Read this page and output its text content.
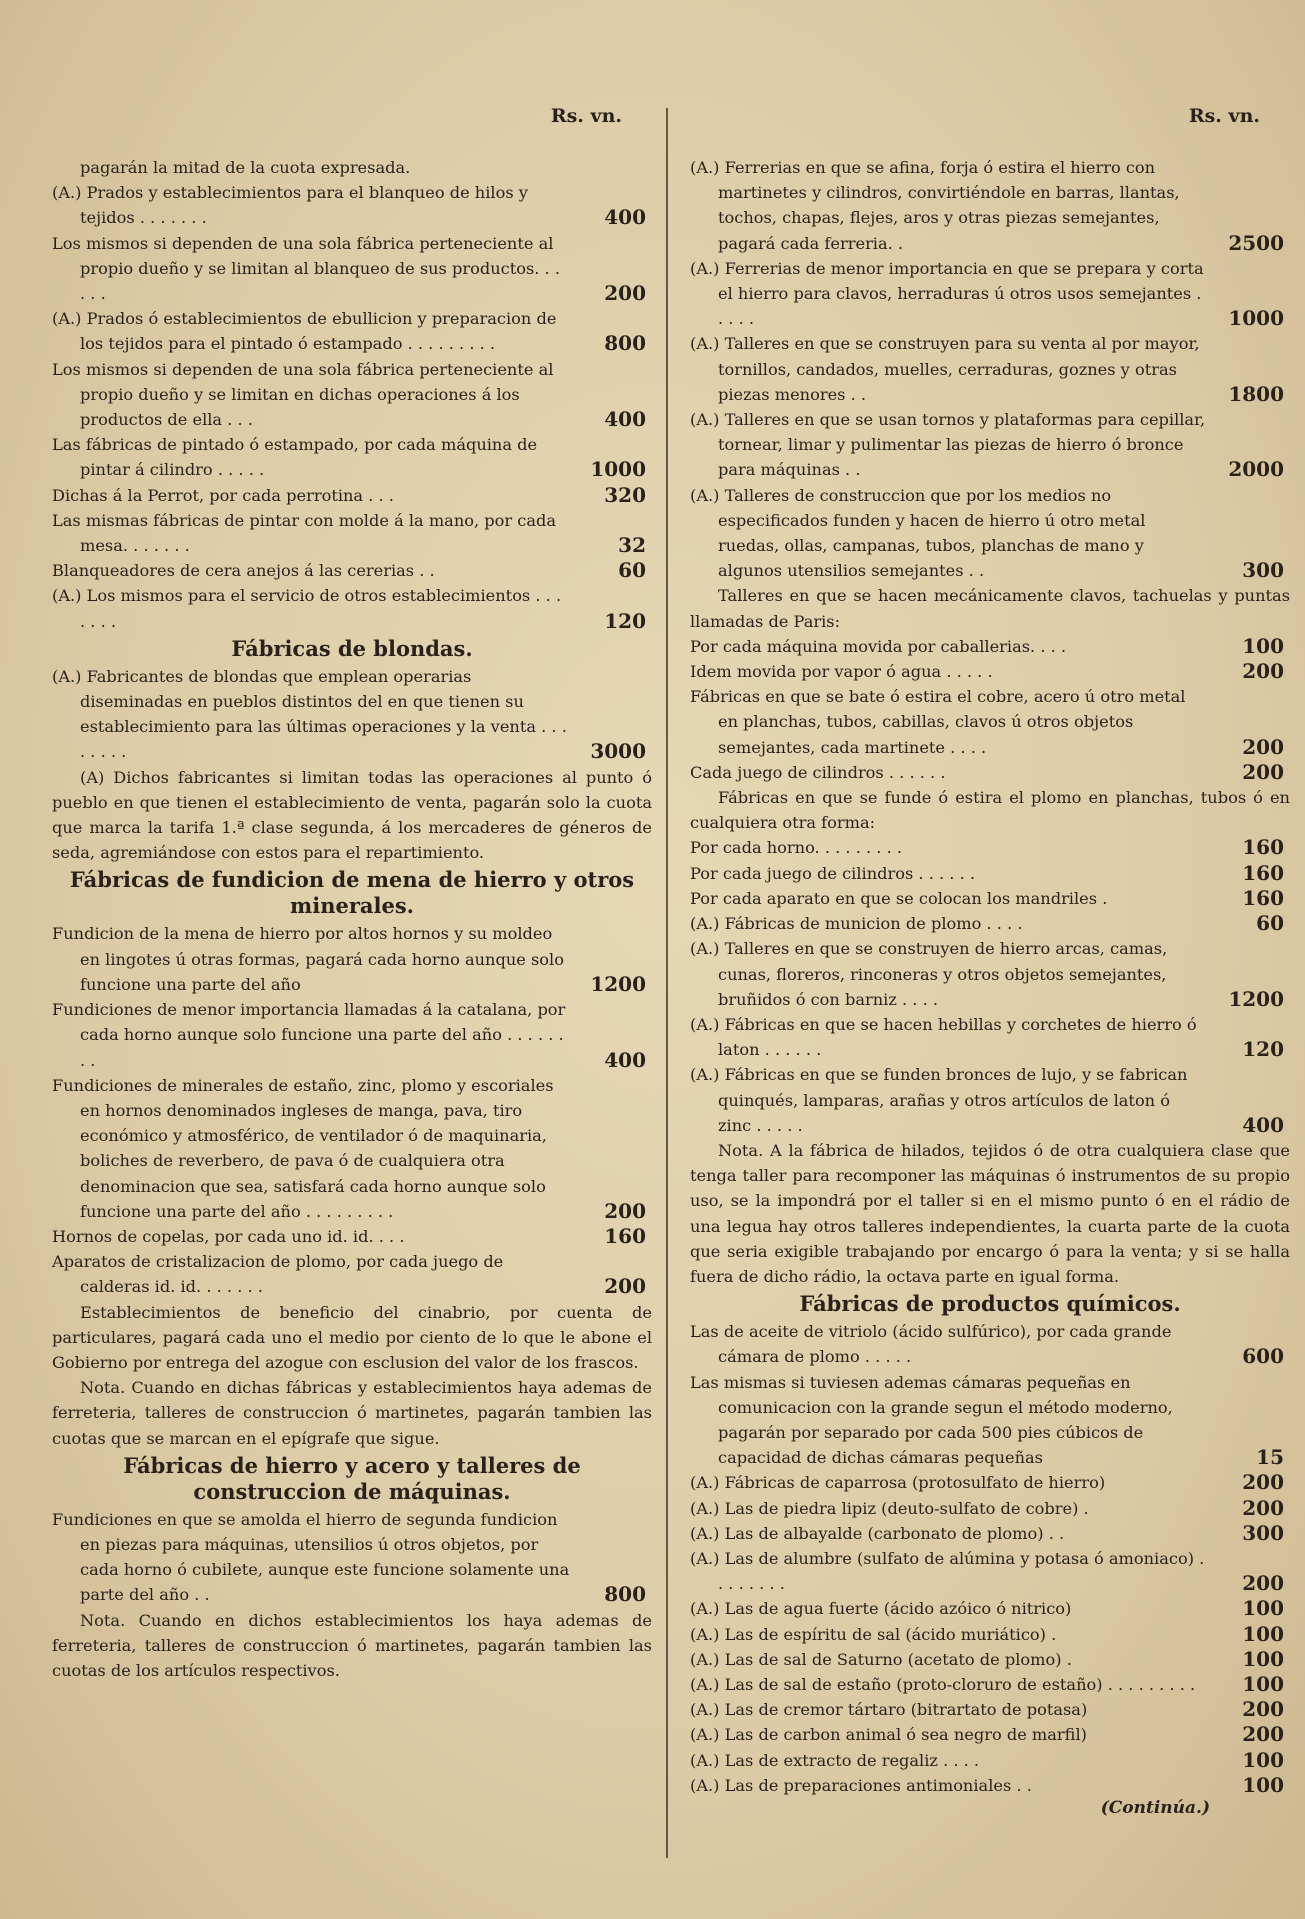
Rs. vn.
pagarán la mitad de la cuota expresada.
(A.) Prados y establecimientos para el blanqueo de hilos y tejidos . . . . . . .	400
Los mismos si dependen de una sola fábrica perteneciente al propio dueño y se limitan al blanqueo de sus productos. . . . . .	200
(A.) Prados ó establecimientos de ebullicion y preparacion de los tejidos para el pintado ó estampado . . . . . . . . .	800
Los mismos si dependen de una sola fábrica perteneciente al propio dueño y se limitan en dichas operaciones á los productos de ella . . .	400
Las fábricas de pintado ó estampado, por cada máquina de pintar á cilindro . . . . .	1000
Dichas á la Perrot, por cada perrotina . . .	320
Las mismas fábricas de pintar con molde á la mano, por cada mesa. . . . . . .	32
Blanqueadores de cera anejos á las cererias . .	60
(A.) Los mismos para el servicio de otros establecimientos . . . . . . .	120
Fábricas de blondas.
(A.) Fabricantes de blondas que emplean operarias diseminadas en pueblos distintos del en que tienen su establecimiento para las últimas operaciones y la venta . . . . . . . .	3000
(A) Dichos fabricantes si limitan todas las operaciones al punto ó pueblo en que tienen el establecimiento de venta, pagarán solo la cuota que marca la tarifa 1.ª clase segunda, á los mercaderes de géneros de seda, agremiándose con estos para el repartimiento.
Fábricas de fundicion de mena de hierro y otros minerales.
Fundicion de la mena de hierro por altos hornos y su moldeo en lingotes ú otras formas, pagará cada horno aunque solo funcione una parte del año	1200
Fundiciones de menor importancia llamadas á la catalana, por cada horno aunque solo funcione una parte del año . . . . . . . .	400
Fundiciones de minerales de estaño, zinc, plomo y escoriales en hornos denominados ingleses de manga, pava, tiro económico y atmosférico, de ventilador ó de maquinaria, boliches de reverbero, de pava ó de cualquiera otra denominacion que sea, satisfará cada horno aunque solo funcione una parte del año . . . . . . . . .	200
Hornos de copelas, por cada uno id. id. . . .	160
Aparatos de cristalizacion de plomo, por cada juego de calderas id. id. . . . . . .	200
Establecimientos de beneficio del cinabrio, por cuenta de particulares, pagará cada uno el medio por ciento de lo que le abone el Gobierno por entrega del azogue con esclusion del valor de los frascos.
Nota. Cuando en dichas fábricas y establecimientos haya ademas de ferreteria, talleres de construccion ó martinetes, pagarán tambien las cuotas que se marcan en el epígrafe que sigue.
Fábricas de hierro y acero y talleres de construccion de máquinas.
Fundiciones en que se amolda el hierro de segunda fundicion en piezas para máquinas, utensilios ú otros objetos, por cada horno ó cubilete, aunque este funcione solamente una parte del año . .	800
Nota. Cuando en dichos establecimientos los haya ademas de ferreteria, talleres de construccion ó martinetes, pagarán tambien las cuotas de los artículos respectivos.
Rs. vn.
(A.) Ferrerias en que se afina, forja ó estira el hierro con martinetes y cilindros, convirtiéndole en barras, llantas, tochos, chapas, flejes, aros y otras piezas semejantes, pagará cada ferreria. .	2500
(A.) Ferrerias de menor importancia en que se prepara y corta el hierro para clavos, herraduras ú otros usos semejantes . . . . .	1000
(A.) Talleres en que se construyen para su venta al por mayor, tornillos, candados, muelles, cerraduras, goznes y otras piezas menores . .	1800
(A.) Talleres en que se usan tornos y plataformas para cepillar, tornear, limar y pulimentar las piezas de hierro ó bronce para máquinas . .	2000
(A.) Talleres de construccion que por los medios no especificados funden y hacen de hierro ú otro metal ruedas, ollas, campanas, tubos, planchas de mano y algunos utensilios semejantes . .	300
Talleres en que se hacen mecánicamente clavos, tachuelas y puntas llamadas de Paris:
Por cada máquina movida por caballerias. . . .	100
Idem movida por vapor ó agua . . . . .	200
Fábricas en que se bate ó estira el cobre, acero ú otro metal en planchas, tubos, cabillas, clavos ú otros objetos semejantes, cada martinete . . . .	200
Cada juego de cilindros . . . . . .	200
Fábricas en que se funde ó estira el plomo en planchas, tubos ó en cualquiera otra forma:
Por cada horno. . . . . . . . .	160
Por cada juego de cilindros . . . . . .	160
Por cada aparato en que se colocan los mandriles .	160
(A.) Fábricas de municion de plomo . . . .	60
(A.) Talleres en que se construyen de hierro arcas, camas, cunas, floreros, rinconeras y otros objetos semejantes, bruñidos ó con barniz . . . .	1200
(A.) Fábricas en que se hacen hebillas y corchetes de hierro ó laton . . . . . .	120
(A.) Fábricas en que se funden bronces de lujo, y se fabrican quinqués, lamparas, arañas y otros artículos de laton ó zinc . . . . .	400
Nota. A la fábrica de hilados, tejidos ó de otra cualquiera clase que tenga taller para recomponer las máquinas ó instrumentos de su propio uso, se la impondrá por el taller si en el mismo punto ó en el rádio de una legua hay otros talleres independientes, la cuarta parte de la cuota que seria exigible trabajando por encargo ó para la venta; y si se halla fuera de dicho rádio, la octava parte en igual forma.
Fábricas de productos químicos.
Las de aceite de vitriolo (ácido sulfúrico), por cada grande cámara de plomo . . . . .	600
Las mismas si tuviesen ademas cámaras pequeñas en comunicacion con la grande segun el método moderno, pagarán por separado por cada 500 pies cúbicos de capacidad de dichas cámaras pequeñas	15
(A.) Fábricas de caparrosa (protosulfato de hierro)	200
(A.) Las de piedra lipiz (deuto-sulfato de cobre) .	200
(A.) Las de albayalde (carbonato de plomo) . .	300
(A.) Las de alumbre (sulfato de alúmina y potasa ó amoniaco) . . . . . . . .	200
(A.) Las de agua fuerte (ácido azóico ó nitrico)	100
(A.) Las de espíritu de sal (ácido muriático) .	100
(A.) Las de sal de Saturno (acetato de plomo) .	100
(A.) Las de sal de estaño (proto-cloruro de estaño) . . . . . . . . .	100
(A.) Las de cremor tártaro (bitrartato de potasa)	200
(A.) Las de carbon animal ó sea negro de marfil)	200
(A.) Las de extracto de regaliz . . . .	100
(A.) Las de preparaciones antimoniales . .	100
(Continúa.)
